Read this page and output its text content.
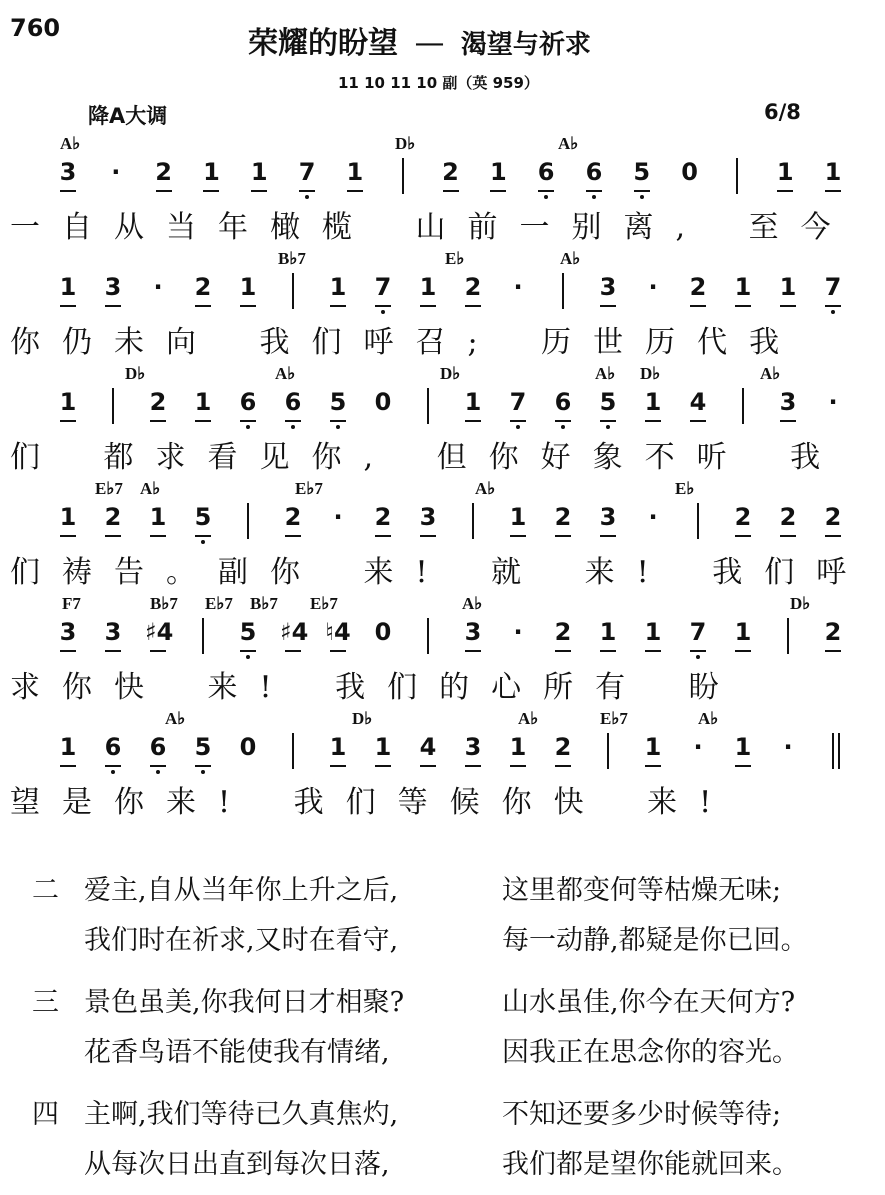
760	荣耀的盼望 — 渴望与祈求
11 10 11 10 副（英 959）
降A大调	6/8
A♭	D♭	A♭
3	·	2 1 1 7 1	2 1 6 6 5 0	1 1
一自从当年橄榄 山前一别离, 至今
B♭7	E♭	A♭
1 3	·	2 1	1 7 1 2	·	3	·	2 1 1 7
你仍未向 我们呼召; 历世历代我
D♭	A♭	D♭	A♭ D♭	A♭
1	2 1 6 6 5 0	1 7 6 5 1 4	3	·
们 都求看见你, 但你好象不听 我
E♭7 A♭	E♭7	A♭	E♭
1 2 1 5	2	·	2 3	1 2 3	·	2 2 2
们祷告。副你 来! 就 来! 我们呼
F7	B♭7 E♭7 B♭7 E♭7	A♭	D♭
3 3 ♯4	5 ♯4 ♮4 0	3	·	2 1 1 7 1	2
求你快 来! 我们的心所有 盼
A♭	D♭	A♭	E♭7	A♭
1 6 6 5 0	1 1 4 3 1 2	1	·	1	·
望是你来! 我们等候你快 来!
二 爱主,自从当年你上升之后,	这里都变何等枯燥无味;
我们时在祈求,又时在看守,	每一动静,都疑是你已回。
三 景色虽美,你我何日才相聚?	山水虽佳,你今在天何方?
花香鸟语不能使我有情绪,	因我正在思念你的容光。
四 主啊,我们等待已久真焦灼,	不知还要多少时候等待;
从每次日出直到每次日落,	我们都是望你能就回来。
